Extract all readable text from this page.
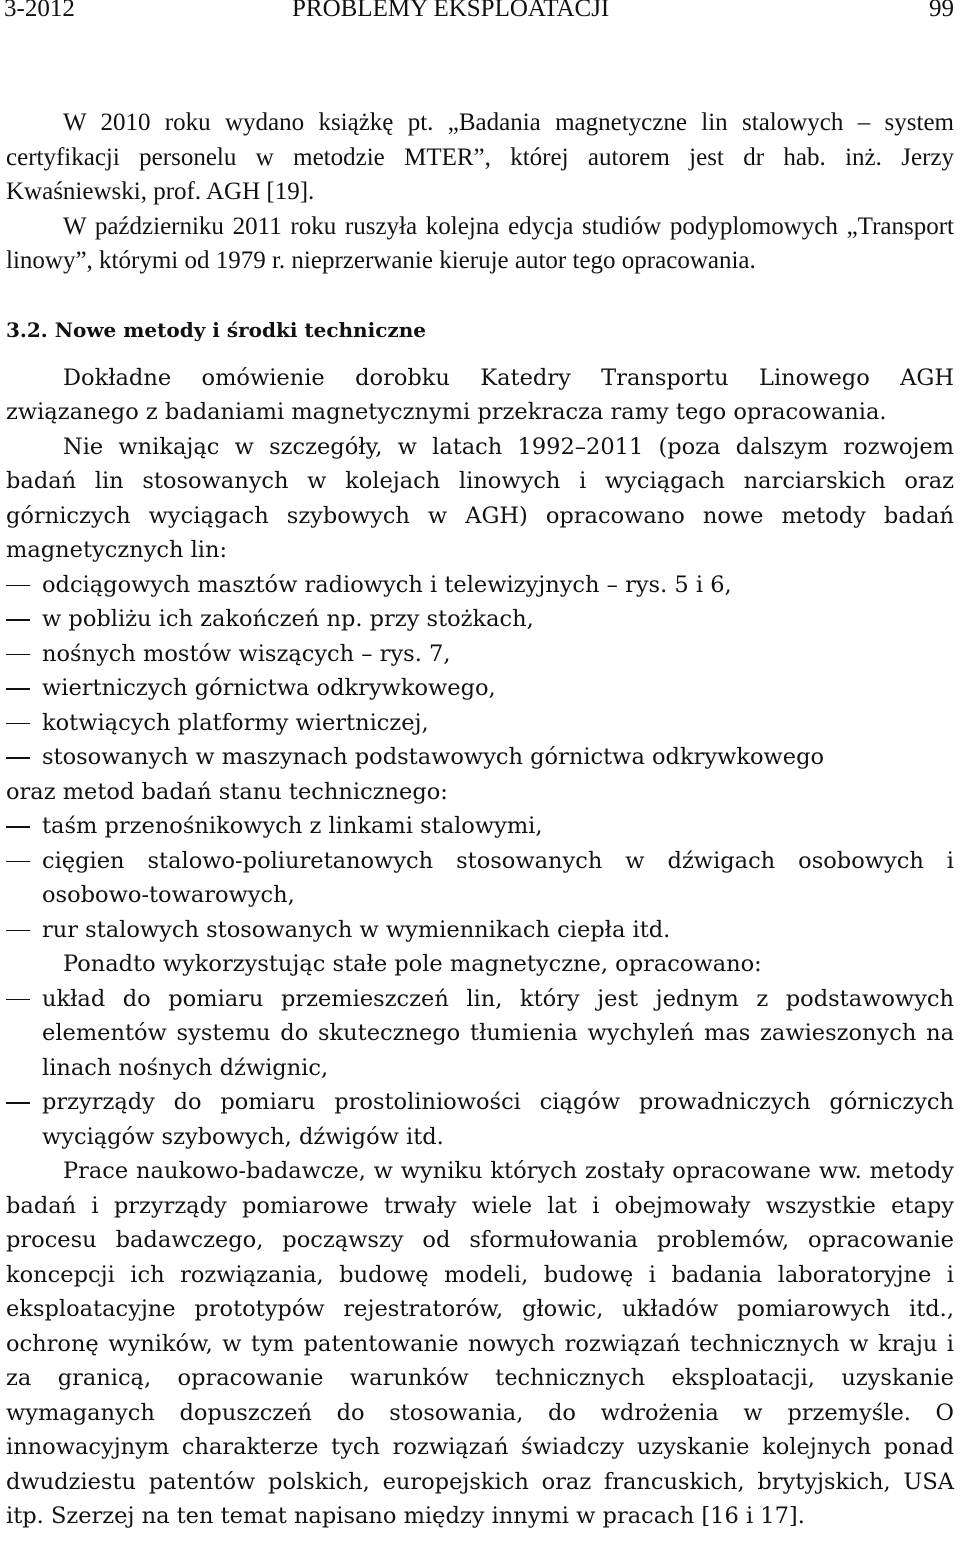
3-2012	PROBLEMY EKSPLOATACJI	99

W 2010 roku wydano książkę pt. „Badania magnetyczne lin stalowych – system certyfikacji personelu w metodzie MTER”, której autorem jest dr hab. inż. Jerzy Kwaśniewski, prof. AGH [19].

W październiku 2011 roku ruszyła kolejna edycja studiów podyplomowych „Transport linowy”, którymi od 1979 r. nieprzerwanie kieruje autor tego opracowania.

3.2. Nowe metody i środki techniczne

Dokładne omówienie dorobku Katedry Transportu Linowego AGH związanego z badaniami magnetycznymi przekracza ramy tego opracowania.

Nie wnikając w szczegóły, w latach 1992–2011 (poza dalszym rozwojem badań lin stosowanych w kolejach linowych i wyciągach narciarskich oraz górniczych wyciągach szybowych w AGH) opracowano nowe metody badań magnetycznych lin:

odciągowych masztów radiowych i telewizyjnych – rys. 5 i 6,
w pobliżu ich zakończeń np. przy stożkach,
nośnych mostów wiszących – rys. 7,
wiertniczych górnictwa odkrywkowego,
kotwiących platformy wiertniczej,
stosowanych w maszynach podstawowych górnictwa odkrywkowego

oraz metod badań stanu technicznego:

taśm przenośnikowych z linkami stalowymi,
cięgien stalowo-poliuretanowych stosowanych w dźwigach osobowych i osobowo-towarowych,
rur stalowych stosowanych w wymiennikach ciepła itd.

Ponadto wykorzystując stałe pole magnetyczne, opracowano:

układ do pomiaru przemieszczeń lin, który jest jednym z podstawowych elementów systemu do skutecznego tłumienia wychyleń mas zawieszonych na linach nośnych dźwignic,
przyrządy do pomiaru prostoliniowości ciągów prowadniczych górniczych wyciągów szybowych, dźwigów itd.

Prace naukowo-badawcze, w wyniku których zostały opracowane ww. metody badań i przyrządy pomiarowe trwały wiele lat i obejmowały wszystkie etapy procesu badawczego, począwszy od sformułowania problemów, opracowanie koncepcji ich rozwiązania, budowę modeli, budowę i badania laboratoryjne i eksploatacyjne prototypów rejestratorów, głowic, układów pomiarowych itd., ochronę wyników, w tym patentowanie nowych rozwiązań technicznych w kraju i za granicą, opracowanie warunków technicznych eksploatacji, uzyskanie wymaganych dopuszczeń do stosowania, do wdrożenia w przemyśle. O innowacyjnym charakterze tych rozwiązań świadczy uzyskanie kolejnych ponad dwudziestu patentów polskich, europejskich oraz francuskich, brytyjskich, USA itp. Szerzej na ten temat napisano między innymi w pracach [16 i 17].
